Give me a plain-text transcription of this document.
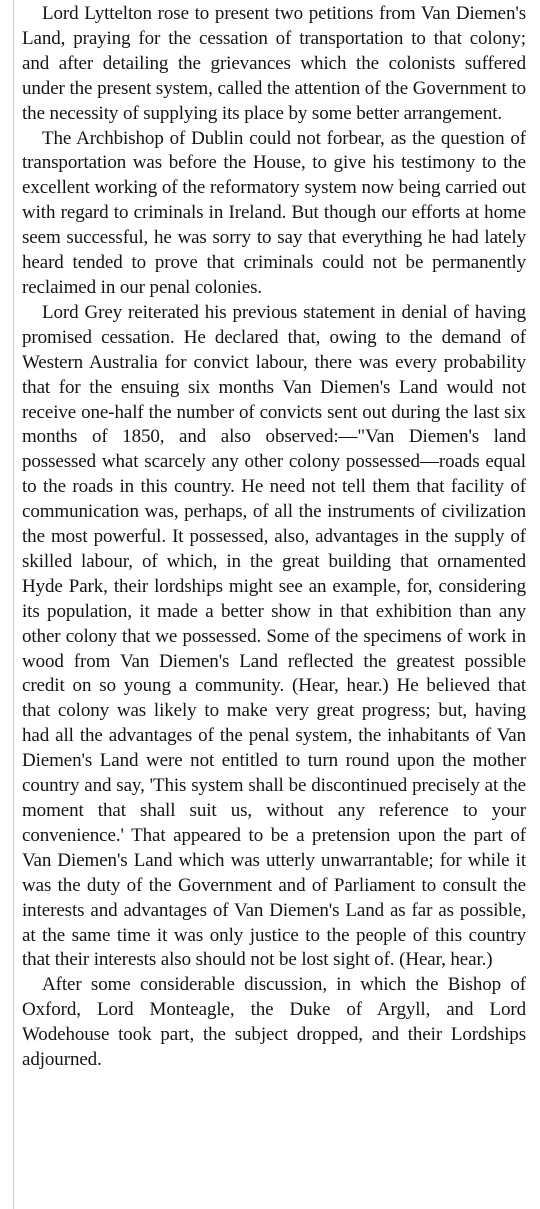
Lord Lyttelton rose to present two petitions from Van Diemen's Land, praying for the cessation of transportation to that colony; and after detailing the grievances which the colonists suffered under the present system, called the attention of the Government to the necessity of supplying its place by some better arrangement.

The Archbishop of Dublin could not forbear, as the question of transportation was before the House, to give his testimony to the excellent working of the reformatory system now being carried out with regard to criminals in Ireland. But though our efforts at home seem successful, he was sorry to say that everything he had lately heard tended to prove that criminals could not be permanently reclaimed in our penal colonies.

Lord Grey reiterated his previous statement in denial of having promised cessation. He declared that, owing to the demand of Western Australia for convict labour, there was every probability that for the ensuing six months Van Diemen's Land would not receive one-half the number of convicts sent out during the last six months of 1850, and also observed:—"Van Diemen's land possessed what scarcely any other colony possessed—roads equal to the roads in this country. He need not tell them that facility of communication was, perhaps, of all the instruments of civilization the most powerful. It possessed, also, advantages in the supply of skilled labour, of which, in the great building that ornamented Hyde Park, their lordships might see an example, for, considering its population, it made a better show in that exhibition than any other colony that we possessed. Some of the specimens of work in wood from Van Diemen's Land reflected the greatest possible credit on so young a community. (Hear, hear.) He believed that that colony was likely to make very great progress; but, having had all the advantages of the penal system, the inhabitants of Van Diemen's Land were not entitled to turn round upon the mother country and say, 'This system shall be discontinued precisely at the moment that shall suit us, without any reference to your convenience.' That appeared to be a pretension upon the part of Van Diemen's Land which was utterly unwarrantable; for while it was the duty of the Government and of Parliament to consult the interests and advantages of Van Diemen's Land as far as possible, at the same time it was only justice to the people of this country that their interests also should not be lost sight of. (Hear, hear.)

After some considerable discussion, in which the Bishop of Oxford, Lord Monteagle, the Duke of Argyll, and Lord Wodehouse took part, the subject dropped, and their Lordships adjourned.
